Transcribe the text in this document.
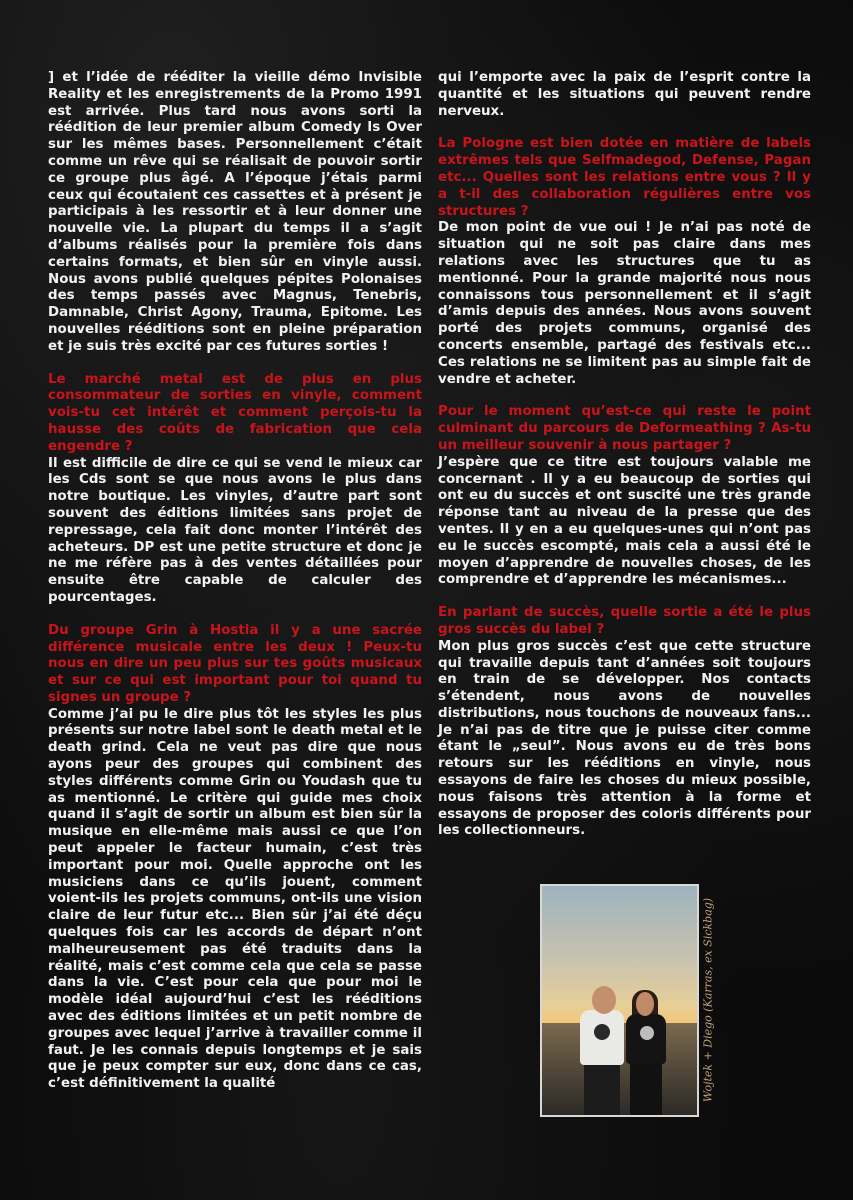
] et l’idée de rééditer la vieille démo Invisible Reality et les enregistrements de la Promo 1991 est arrivée. Plus tard nous avons sorti la réédition de leur premier album Comedy Is Over sur les mêmes bases. Personnellement c’était comme un rêve qui se réalisait de pouvoir sortir ce groupe plus âgé. A l’époque j’étais parmi ceux qui écoutaient ces cassettes et à présent je participais à les ressortir et à leur donner une nouvelle vie. La plupart du temps il a s’agit d’albums réalisés pour la première fois dans certains formats, et bien sûr en vinyle aussi. Nous avons publié quelques pépites Polonaises des temps passés avec Magnus, Tenebris, Damnable, Christ Agony, Trauma, Epitome. Les nouvelles rééditions sont en pleine préparation et je suis très excité par ces futures sorties !

Le marché metal est de plus en plus consommateur de sorties en vinyle, comment vois-tu cet intérêt et comment perçois-tu la hausse des coûts de fabrication que cela engendre ?

Il est difficile de dire ce qui se vend le mieux car les Cds sont se que nous avons le plus dans notre boutique. Les vinyles, d’autre part sont souvent des éditions limitées sans projet de repressage, cela fait donc monter l’intérêt des acheteurs. DP est une petite structure et donc je ne me réfère pas à des ventes détaillées pour ensuite être capable de calculer des pourcentages.

Du groupe Grin à Hostia il y a une sacrée différence musicale entre les deux ! Peux-tu nous en dire un peu plus sur tes goûts musicaux et sur ce qui est important pour toi quand tu signes un groupe ?

Comme j’ai pu le dire plus tôt les styles les plus présents sur notre label sont le death metal et le death grind. Cela ne veut pas dire que nous ayons peur des groupes qui combinent des styles différents comme Grin ou Youdash que tu as mentionné. Le critère qui guide mes choix quand il s’agit de sortir un album est bien sûr la musique en elle-même mais aussi ce que l’on peut appeler le facteur humain, c’est très important pour moi. Quelle approche ont les musiciens dans ce qu’ils jouent, comment voient-ils les projets communs, ont-ils une vision claire de leur futur etc... Bien sûr j’ai été déçu quelques fois car les accords de départ n’ont malheureusement pas été traduits dans la réalité, mais c’est comme cela que cela se passe dans la vie. C’est pour cela que pour moi le modèle idéal aujourd’hui c’est les rééditions avec des éditions limitées et un petit nombre de groupes avec lequel j’arrive à travailler comme il faut. Je les connais depuis longtemps et je sais que je peux compter sur eux, donc dans ce cas, c’est définitivement la qualité

qui l’emporte avec la paix de l’esprit contre la quantité et les situations qui peuvent rendre nerveux.

La Pologne est bien dotée en matière de labels extrêmes tels que Selfmadegod, Defense, Pagan etc... Quelles sont les relations entre vous ? Il y a t-il des collaboration régulières entre vos structures ?

De mon point de vue oui ! Je n’ai pas noté de situation qui ne soit pas claire dans mes relations avec les structures que tu as mentionné. Pour la grande majorité nous nous connaissons tous personnellement et il s’agit d’amis depuis des années. Nous avons souvent porté des projets communs, organisé des concerts ensemble, partagé des festivals etc... Ces relations ne se limitent pas au simple fait de vendre et acheter.

Pour le moment qu’est-ce qui reste le point culminant du parcours de Deformeathing ? As-tu un meilleur souvenir à nous partager ?

J’espère que ce titre est toujours valable me concernant . Il y a eu beaucoup de sorties qui ont eu du succès et ont suscité une très grande réponse tant au niveau de la presse que des ventes. Il y en a eu quelques-unes qui n’ont pas eu le succès escompté, mais cela a aussi été le moyen d’apprendre de nouvelles choses, de les comprendre et d’apprendre les mécanismes...

En parlant de succès, quelle sortie a été le plus gros succès du label ?

Mon plus gros succès c’est que cette structure qui travaille depuis tant d’années soit toujours en train de se développer. Nos contacts s’étendent, nous avons de nouvelles distributions, nous touchons de nouveaux fans... Je n’ai pas de titre que je puisse citer comme étant le „seul”. Nous avons eu de très bons retours sur les rééditions en vinyle, nous essayons de faire les choses du mieux possible, nous faisons très attention à la forme et essayons de proposer des coloris différents pour les collectionneurs.

Wojtek + Diego (Karras, ex Sickbag)
